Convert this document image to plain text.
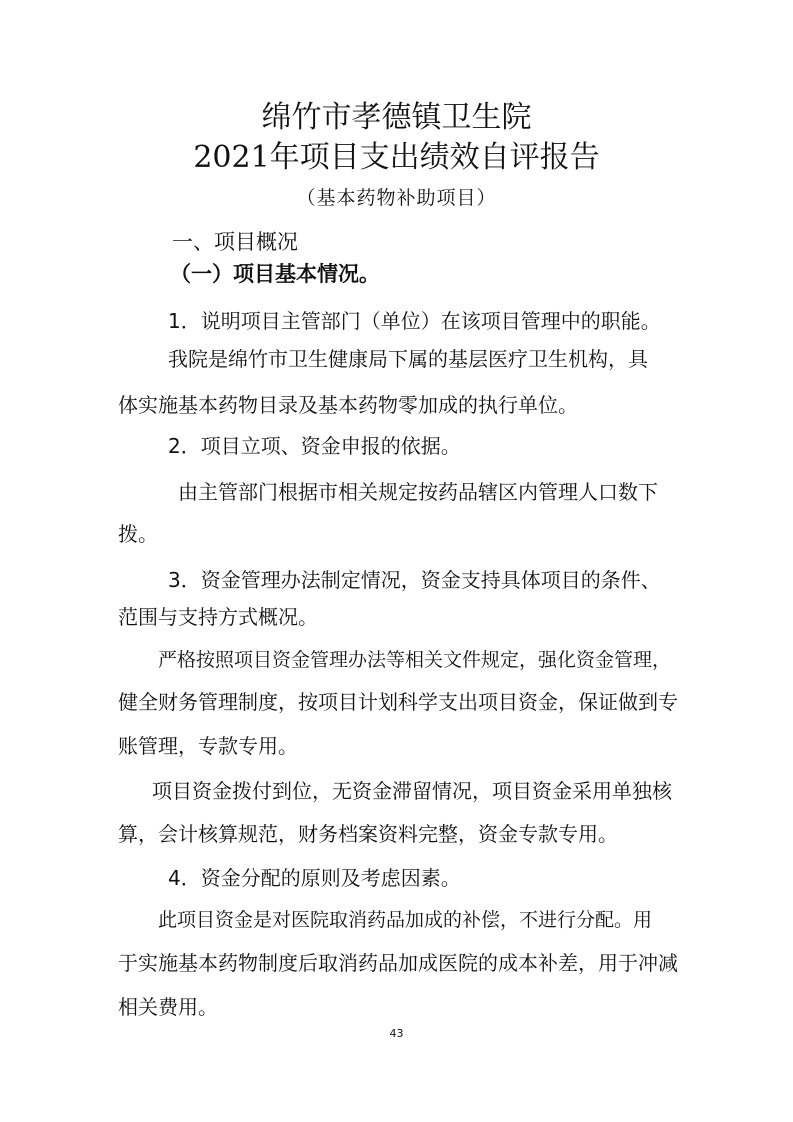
绵竹市孝德镇卫生院
2021年项目支出绩效自评报告
（基本药物补助项目）
一、项目概况
（一）项目基本情况。
1．说明项目主管部门（单位）在该项目管理中的职能。
我院是绵竹市卫生健康局下属的基层医疗卫生机构，具
体实施基本药物目录及基本药物零加成的执行单位。
2．项目立项、资金申报的依据。
由主管部门根据市相关规定按药品辖区内管理人口数下
拨。
3．资金管理办法制定情况，资金支持具体项目的条件、
范围与支持方式概况。
严格按照项目资金管理办法等相关文件规定，强化资金管理，
健全财务管理制度，按项目计划科学支出项目资金，保证做到专
账管理，专款专用。
项目资金拨付到位，无资金滞留情况，项目资金采用单独核
算，会计核算规范，财务档案资料完整，资金专款专用。
4．资金分配的原则及考虑因素。
此项目资金是对医院取消药品加成的补偿，不进行分配。用
于实施基本药物制度后取消药品加成医院的成本补差，用于冲减
相关费用。
43
